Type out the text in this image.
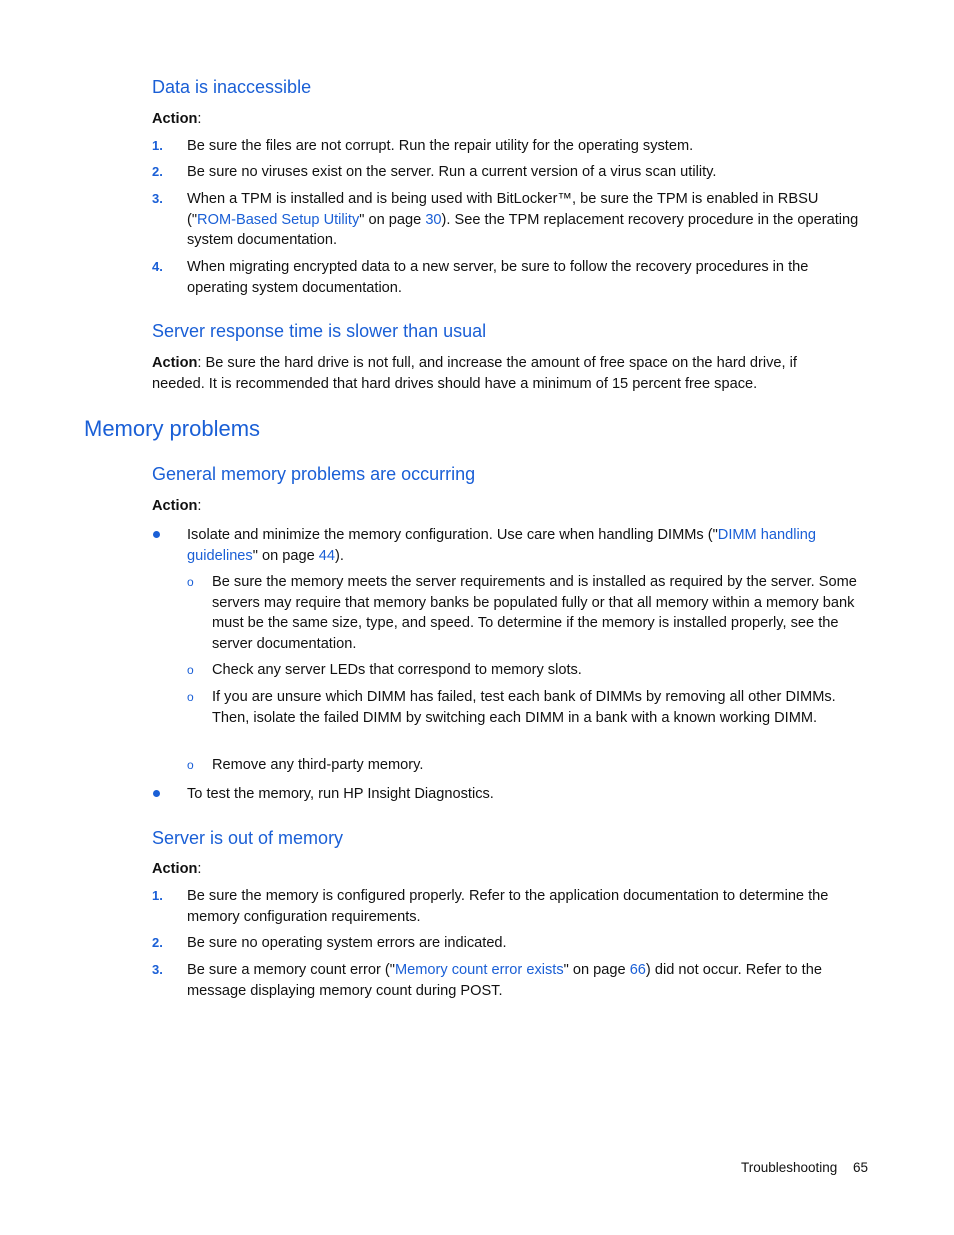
Data is inaccessible
Action:
1. Be sure the files are not corrupt. Run the repair utility for the operating system.
2. Be sure no viruses exist on the server. Run a current version of a virus scan utility.
3. When a TPM is installed and is being used with BitLocker™, be sure the TPM is enabled in RBSU ("ROM-Based Setup Utility" on page 30). See the TPM replacement recovery procedure in the operating system documentation.
4. When migrating encrypted data to a new server, be sure to follow the recovery procedures in the operating system documentation.
Server response time is slower than usual
Action: Be sure the hard drive is not full, and increase the amount of free space on the hard drive, if needed. It is recommended that hard drives should have a minimum of 15 percent free space.
Memory problems
General memory problems are occurring
Action:
Isolate and minimize the memory configuration. Use care when handling DIMMs ("DIMM handling guidelines" on page 44).
o Be sure the memory meets the server requirements and is installed as required by the server. Some servers may require that memory banks be populated fully or that all memory within a memory bank must be the same size, type, and speed. To determine if the memory is installed properly, see the server documentation.
o Check any server LEDs that correspond to memory slots.
o If you are unsure which DIMM has failed, test each bank of DIMMs by removing all other DIMMs. Then, isolate the failed DIMM by switching each DIMM in a bank with a known working DIMM.
o Remove any third-party memory.
To test the memory, run HP Insight Diagnostics.
Server is out of memory
Action:
1. Be sure the memory is configured properly. Refer to the application documentation to determine the memory configuration requirements.
2. Be sure no operating system errors are indicated.
3. Be sure a memory count error ("Memory count error exists" on page 66) did not occur. Refer to the message displaying memory count during POST.
Troubleshooting 65
